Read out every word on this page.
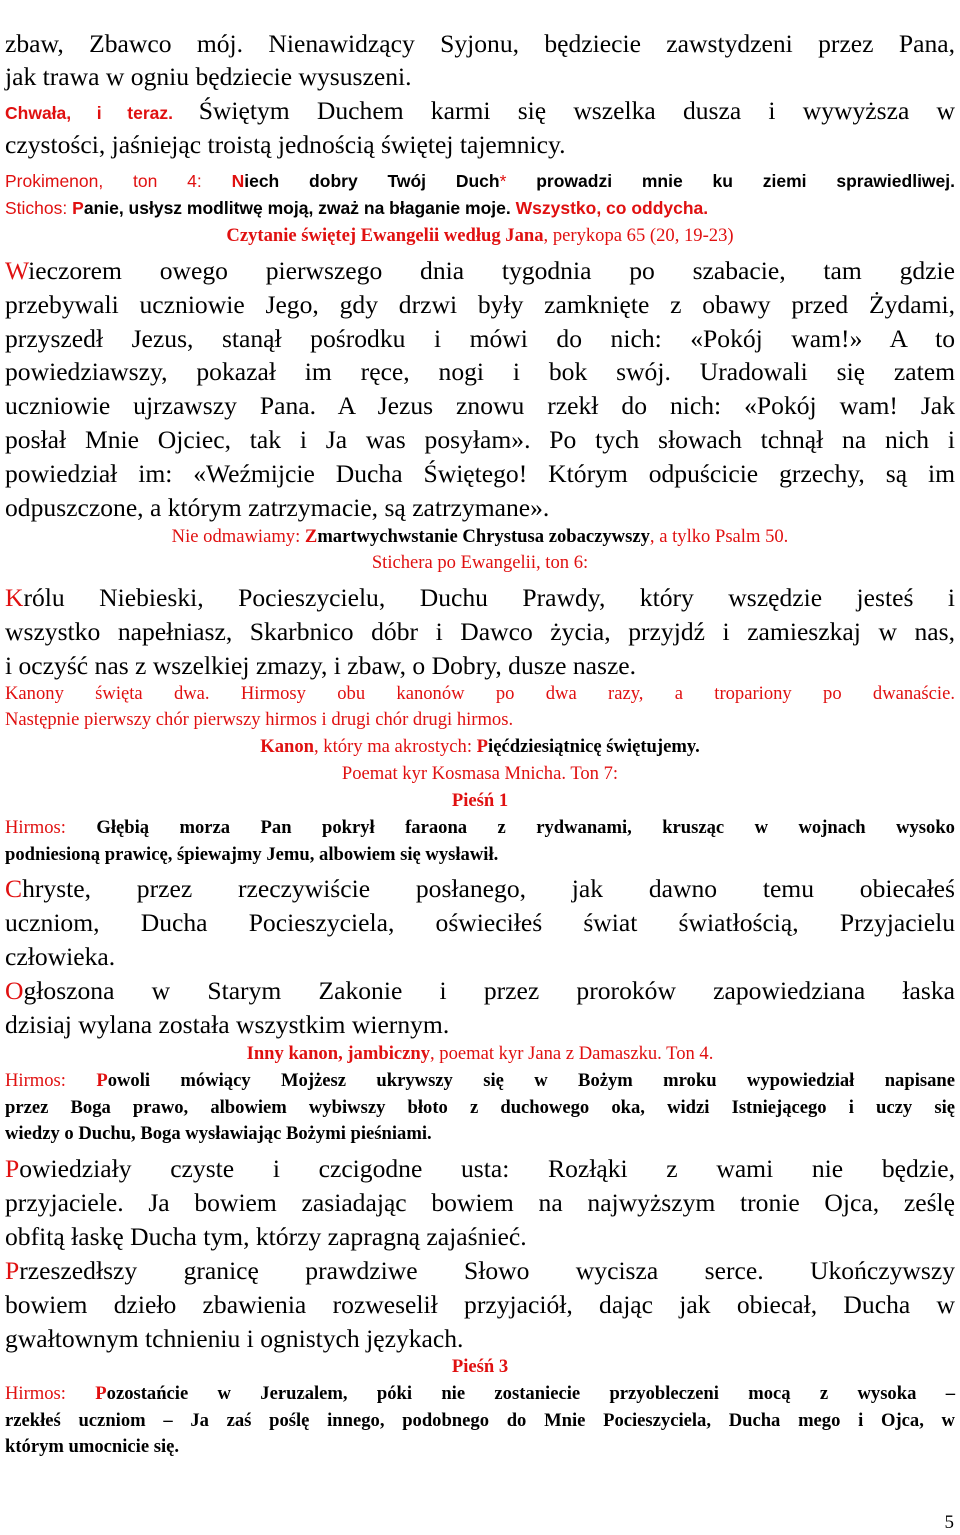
zbaw, Zbawco mój. Nienawidzący Syjonu, będziecie zawstydzeni przez Pana,
jak trawa w ogniu będziecie wysuszeni.
Chwała, i teraz. Świętym Duchem karmi się wszelka dusza i wywyższa w
czystości, jaśniejąc troistą jednością świętej tajemnicy.
Prokimenon, ton 4: Niech dobry Twój Duch* prowadzi mnie ku ziemi sprawiedliwej.
Stichos: Panie, usłysz modlitwę moją, zważ na błaganie moje. Wszystko, co oddycha.
Czytanie świętej Ewangelii według Jana, perykopa 65 (20, 19-23)
Wieczorem owego pierwszego dnia tygodnia po szabacie, tam gdzie
przebywali uczniowie Jego, gdy drzwi były zamknięte z obawy przed Żydami,
przyszedł Jezus, stanął pośrodku i mówi do nich: «Pokój wam!» A to
powiedziawszy, pokazał im ręce, nogi i bok swój. Uradowali się zatem
uczniowie ujrzawszy Pana. A Jezus znowu rzekł do nich: «Pokój wam! Jak
posłał Mnie Ojciec, tak i Ja was posyłam». Po tych słowach tchnął na nich i
powiedział im: «Weźmijcie Ducha Świętego! Którym odpuścicie grzechy, są im
odpuszczone, a którym zatrzymacie, są zatrzymane».
Nie odmawiamy: Zmartwychwstanie Chrystusa zobaczywszy, a tylko Psalm 50.
Stichera po Ewangelii, ton 6:
Królu Niebieski, Pocieszycielu, Duchu Prawdy, który wszędzie jesteś i
wszystko napełniasz, Skarbnico dóbr i Dawco życia, przyjdź i zamieszkaj w nas,
i oczyść nas z wszelkiej zmazy, i zbaw, o Dobry, dusze nasze.
Kanony święta dwa. Hirmosy obu kanonów po dwa razy, a tropariony po dwanaście.
Następnie pierwszy chór pierwszy hirmos i drugi chór drugi hirmos.
Kanon, który ma akrostych: Pięćdziesiątnicę świętujemy.
Poemat kyr Kosmasa Mnicha. Ton 7:
Pieśń 1
Hirmos: Głębią morza Pan pokrył faraona z rydwanami, krusząc w wojnach wysoko
podniesioną prawicę, śpiewajmy Jemu, albowiem się wysławił.
Chryste, przez rzeczywiście posłanego, jak dawno temu obiecałeś
uczniom, Ducha Pocieszyciela, oświeciłeś świat światłością, Przyjacielu
człowieka.
Ogłoszona w Starym Zakonie i przez proroków zapowiedziana łaska
dzisiaj wylana została wszystkim wiernym.
Inny kanon, jambiczny, poemat kyr Jana z Damaszku. Ton 4.
Hirmos: Powoli mówiący Mojżesz ukrywszy się w Bożym mroku wypowiedział napisane
przez Boga prawo, albowiem wybiwszy błoto z duchowego oka, widzi Istniejącego i uczy się
wiedzy o Duchu, Boga wysławiając Bożymi pieśniami.
Powiedziały czyste i czcigodne usta: Rozłąki z wami nie będzie,
przyjaciele. Ja bowiem zasiadając bowiem na najwyższym tronie Ojca, ześlę
obfitą łaskę Ducha tym, którzy zapragną zajaśnieć.
Przeszedłszy granicę prawdziwe Słowo wycisza serce. Ukończywszy
bowiem dzieło zbawienia rozweselił przyjaciół, dając jak obiecał, Ducha w
gwałtownym tchnieniu i ognistych językach.
Pieśń 3
Hirmos: Pozostańcie w Jeruzalem, póki nie zostaniecie przyobleczeni mocą z wysoka –
rzekłeś uczniom – Ja zaś poślę innego, podobnego do Mnie Pocieszyciela, Ducha mego i Ojca, w
którym umocnicie się.
5
